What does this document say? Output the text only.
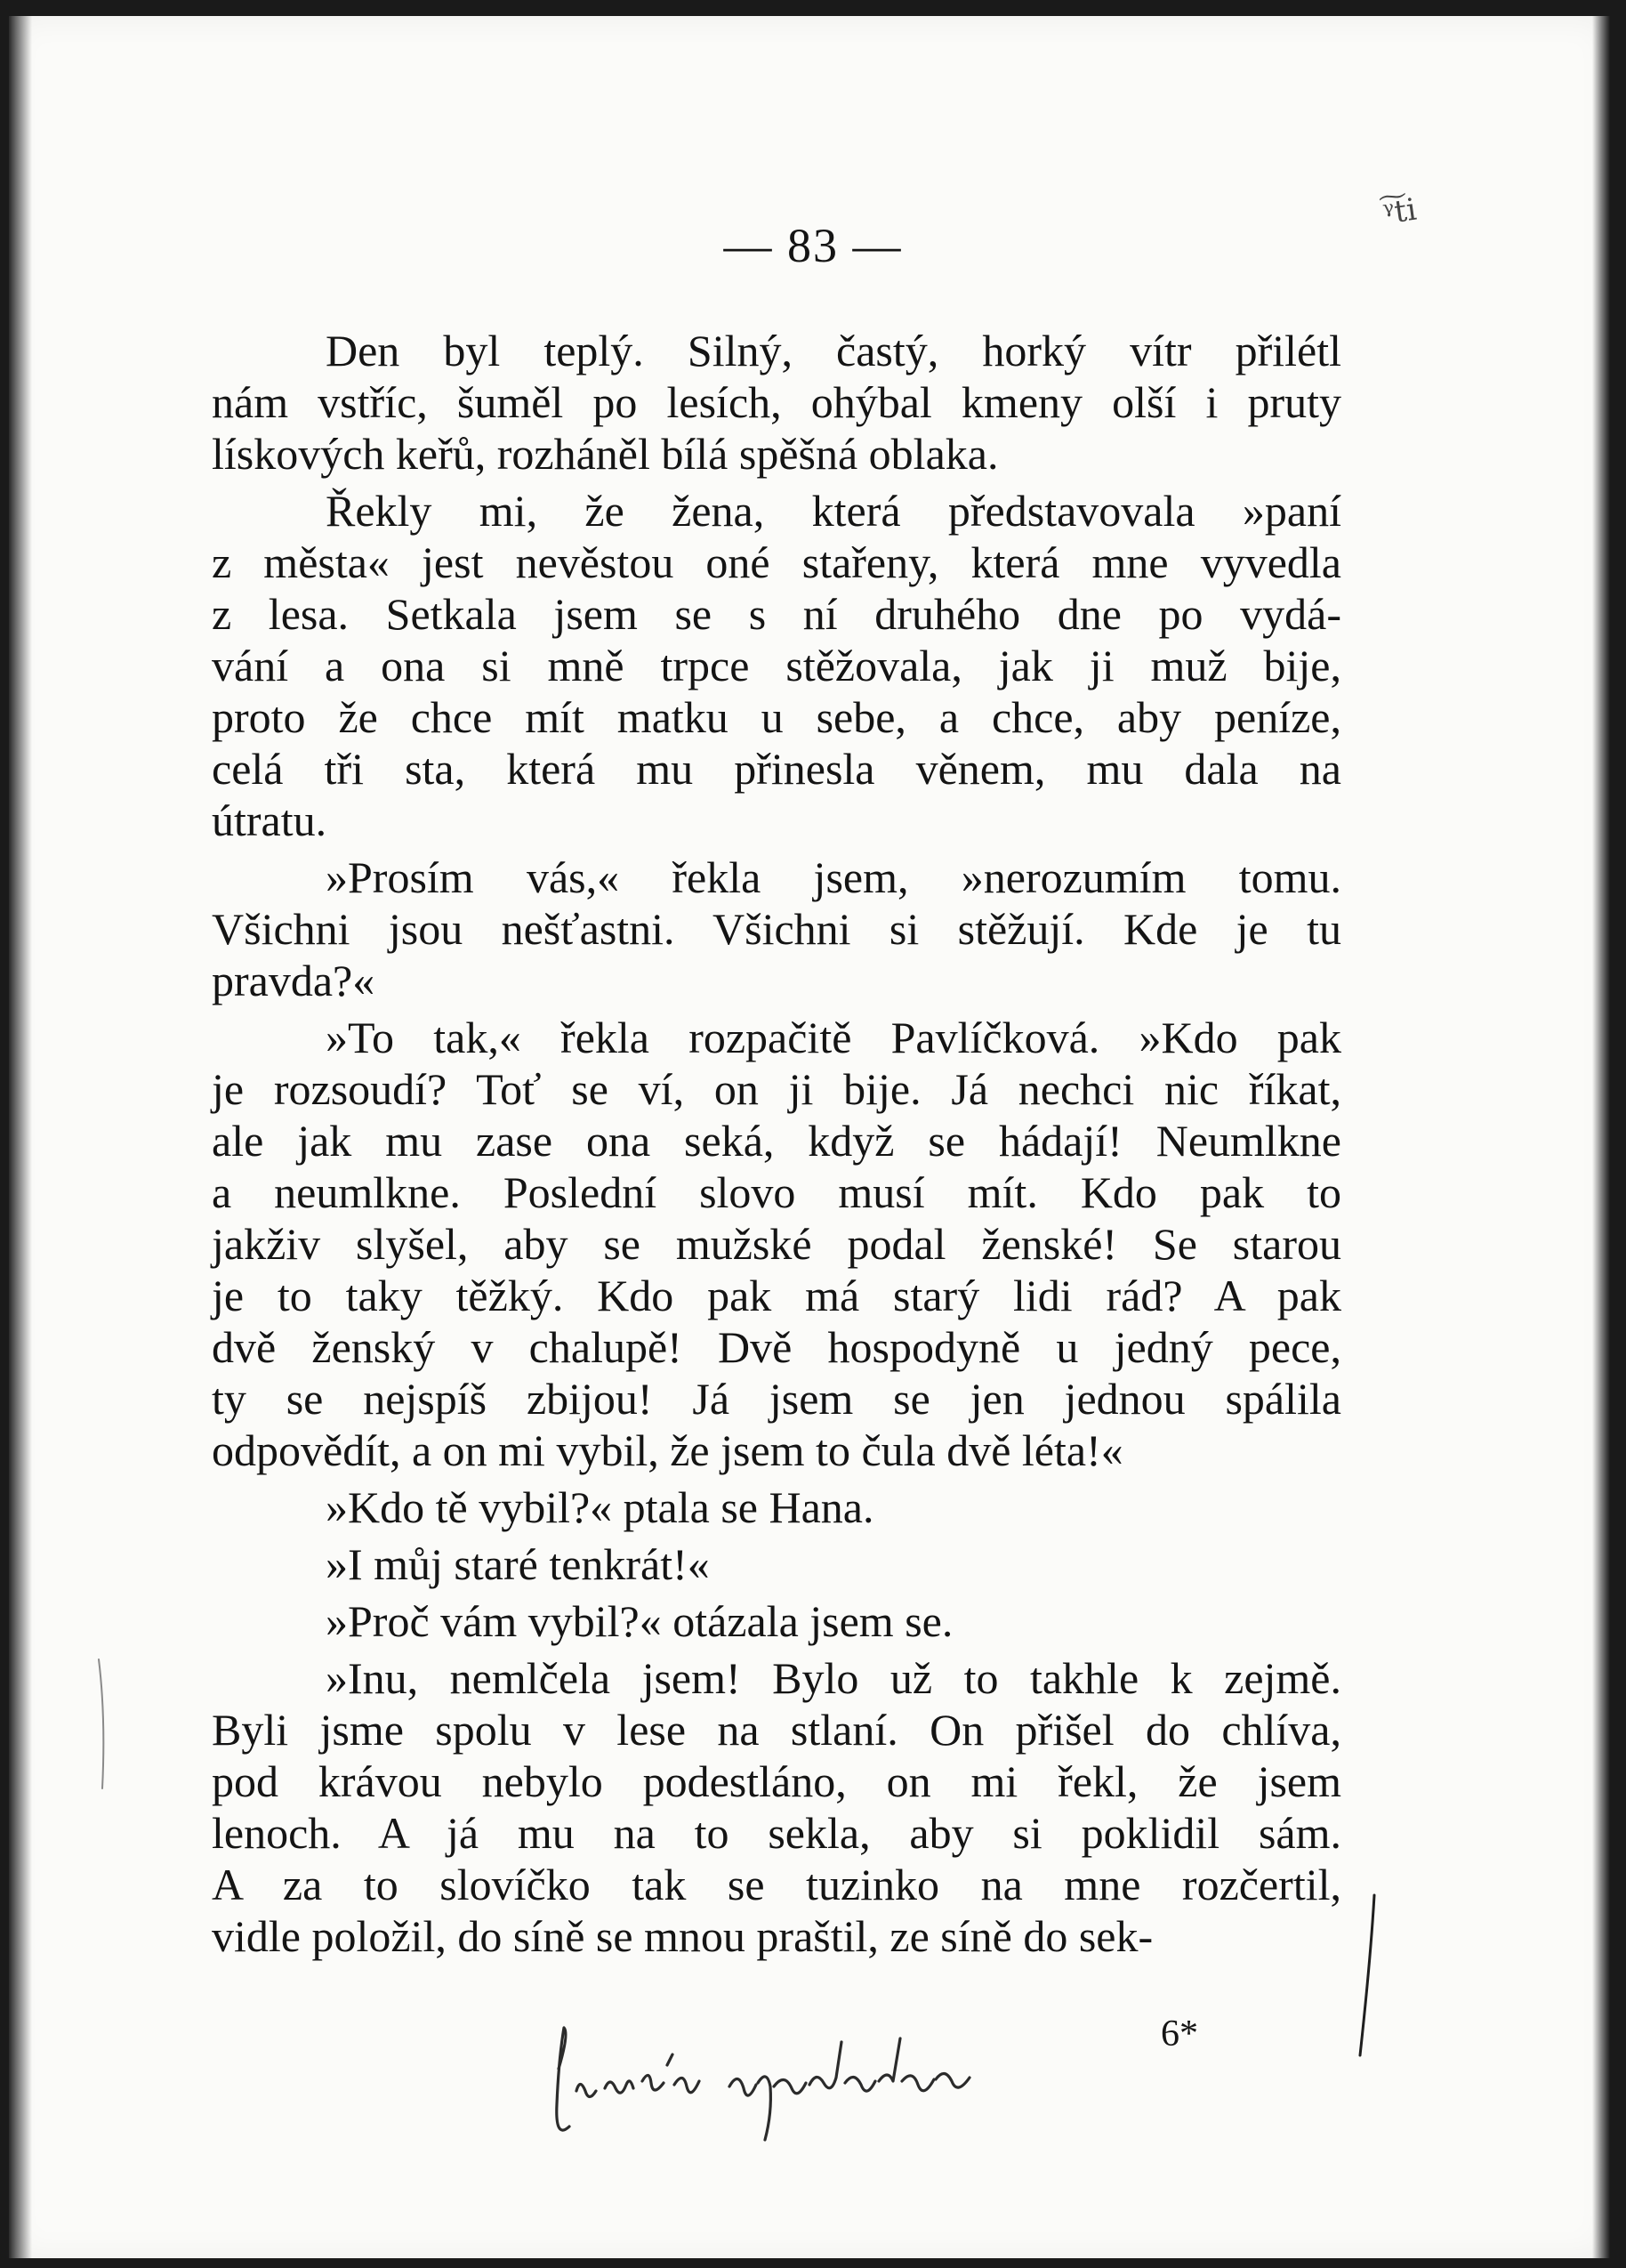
— 83 —
ᵞ͠ti
Den byl teplý. Silný, častý, horký vítr přilétl
nám vstříc, šuměl po lesích, ohýbal kmeny olší i pruty
lískových keřů, rozháněl bílá spěšná oblaka.
Řekly mi, že žena, která představovala »paní
z města« jest nevěstou oné stařeny, která mne vyvedla
z lesa. Setkala jsem se s ní druhého dne po vydá-
vání a ona si mně trpce stěžovala, jak ji muž bije,
proto že chce mít matku u sebe, a chce, aby peníze,
celá tři sta, která mu přinesla věnem, mu dala na
útratu.
»Prosím vás,« řekla jsem, »nerozumím tomu.
Všichni jsou nešťastni. Všichni si stěžují. Kde je tu
pravda?«
»To tak,« řekla rozpačitě Pavlíčková. »Kdo pak
je rozsoudí? Toť se ví, on ji bije. Já nechci nic říkat,
ale jak mu zase ona seká, když se hádají! Neumlkne
a neumlkne. Poslední slovo musí mít. Kdo pak to
jakživ slyšel, aby se mužské podal ženské! Se starou
je to taky těžký. Kdo pak má starý lidi rád? A pak
dvě ženský v chalupě! Dvě hospodyně u jedný pece,
ty se nejspíš zbijou! Já jsem se jen jednou spálila
odpovědít, a on mi vybil, že jsem to čula dvě léta!«
»Kdo tě vybil?« ptala se Hana.
»I můj staré tenkrát!«
»Proč vám vybil?« otázala jsem se.
»Inu, nemlčela jsem! Bylo už to takhle k zejmě.
Byli jsme spolu v lese na stlaní. On přišel do chlíva,
pod krávou nebylo podestláno, on mi řekl, že jsem
lenoch. A já mu na to sekla, aby si poklidil sám.
A za to slovíčko tak se tuzinko na mne rozčertil,
vidle položil, do síně se mnou praštil, ze síně do sek-
6*
